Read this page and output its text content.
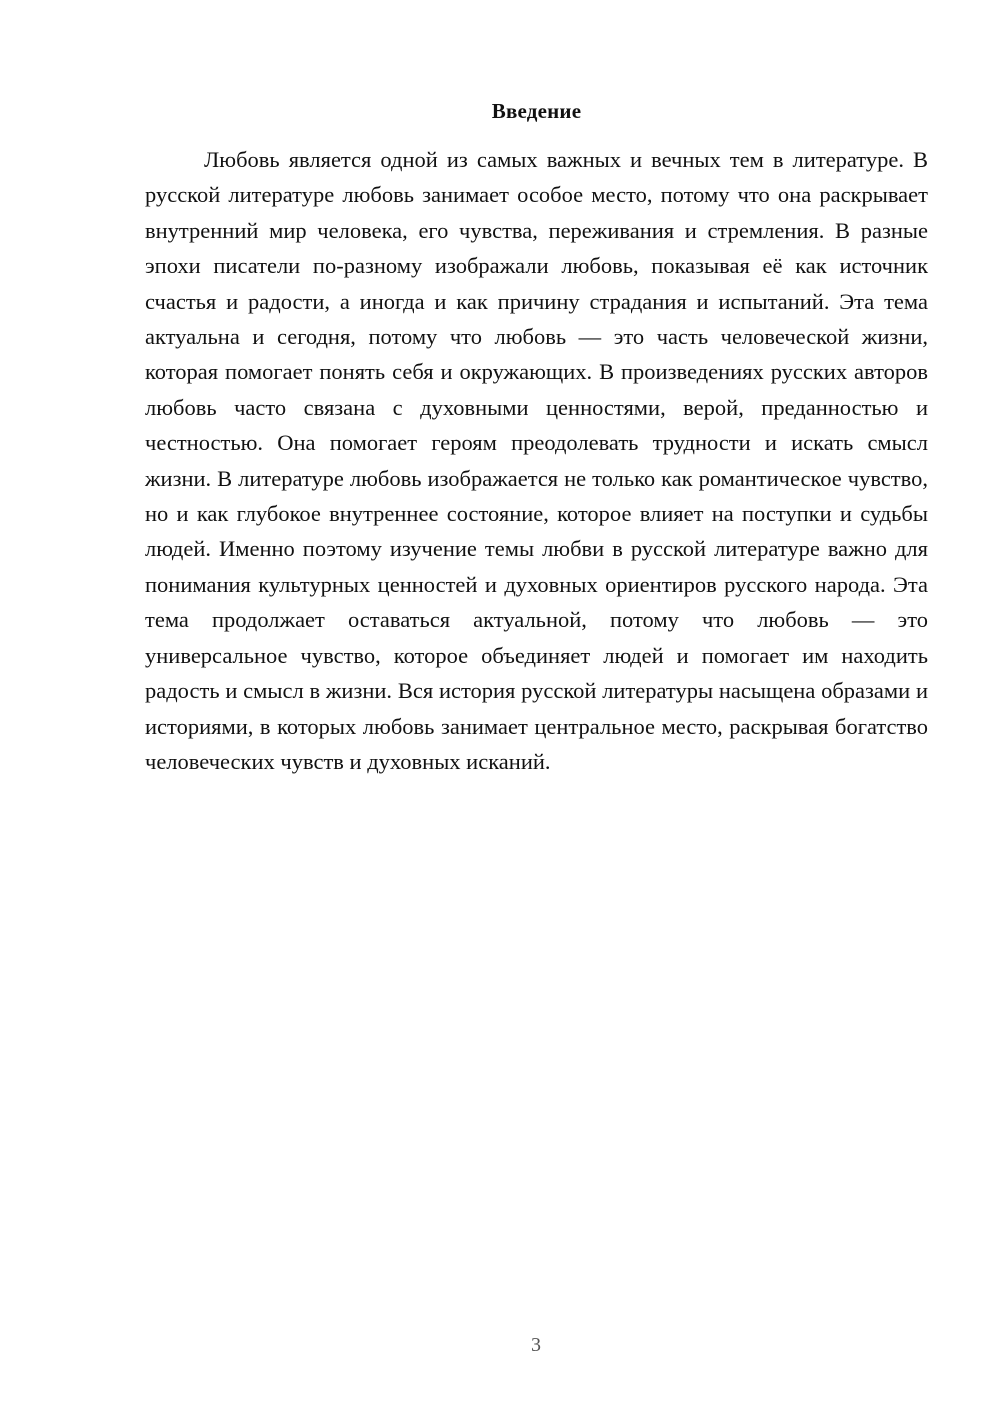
Введение

Любовь является одной из самых важных и вечных тем в литературе. В русской литературе любовь занимает особое место, потому что она раскрывает внутренний мир человека, его чувства, переживания и стремления. В разные эпохи писатели по-разному изображали любовь, показывая её как источник счастья и радости, а иногда и как причину страдания и испытаний. Эта тема актуальна и сегодня, потому что любовь — это часть человеческой жизни, которая помогает понять себя и окружающих. В произведениях русских авторов любовь часто связана с духовными ценностями, верой, преданностью и честностью. Она помогает героям преодолевать трудности и искать смысл жизни. В литературе любовь изображается не только как романтическое чувство, но и как глубокое внутреннее состояние, которое влияет на поступки и судьбы людей. Именно поэтому изучение темы любви в русской литературе важно для понимания культурных ценностей и духовных ориентиров русского народа. Эта тема продолжает оставаться актуальной, потому что любовь — это универсальное чувство, которое объединяет людей и помогает им находить радость и смысл в жизни. Вся история русской литературы насыщена образами и историями, в которых любовь занимает центральное место, раскрывая богатство человеческих чувств и духовных исканий.

3
